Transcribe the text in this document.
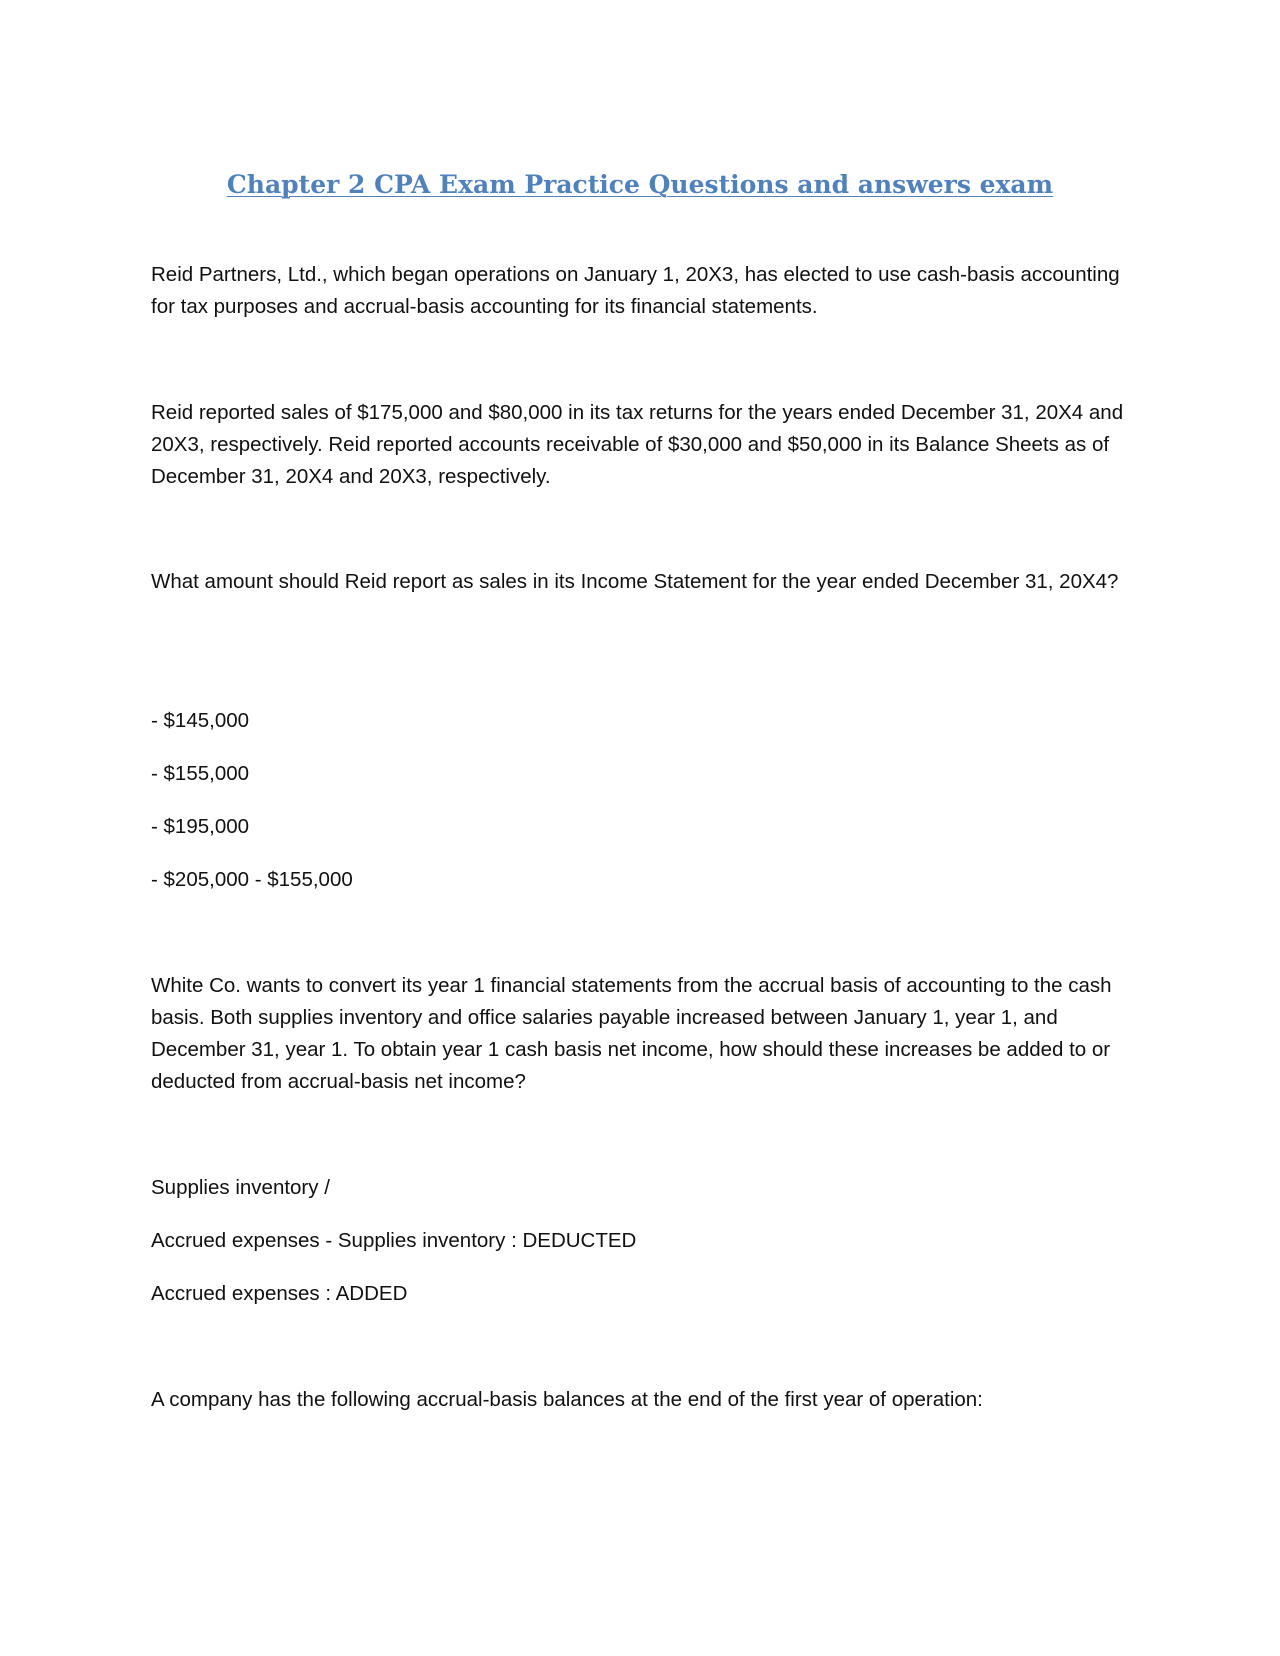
Chapter 2 CPA Exam Practice Questions and answers exam

Reid Partners, Ltd., which began operations on January 1, 20X3, has elected to use cash-basis accounting for tax purposes and accrual-basis accounting for its financial statements.

Reid reported sales of $175,000 and $80,000 in its tax returns for the years ended December 31, 20X4 and 20X3, respectively. Reid reported accounts receivable of $30,000 and $50,000 in its Balance Sheets as of December 31, 20X4 and 20X3, respectively.

What amount should Reid report as sales in its Income Statement for the year ended December 31, 20X4?

- $145,000

- $155,000

- $195,000

- $205,000 - $155,000

White Co. wants to convert its year 1 financial statements from the accrual basis of accounting to the cash basis. Both supplies inventory and office salaries payable increased between January 1, year 1, and December 31, year 1. To obtain year 1 cash basis net income, how should these increases be added to or deducted from accrual-basis net income?

Supplies inventory /

Accrued expenses - Supplies inventory : DEDUCTED

Accrued expenses : ADDED

A company has the following accrual-basis balances at the end of the first year of operation:
